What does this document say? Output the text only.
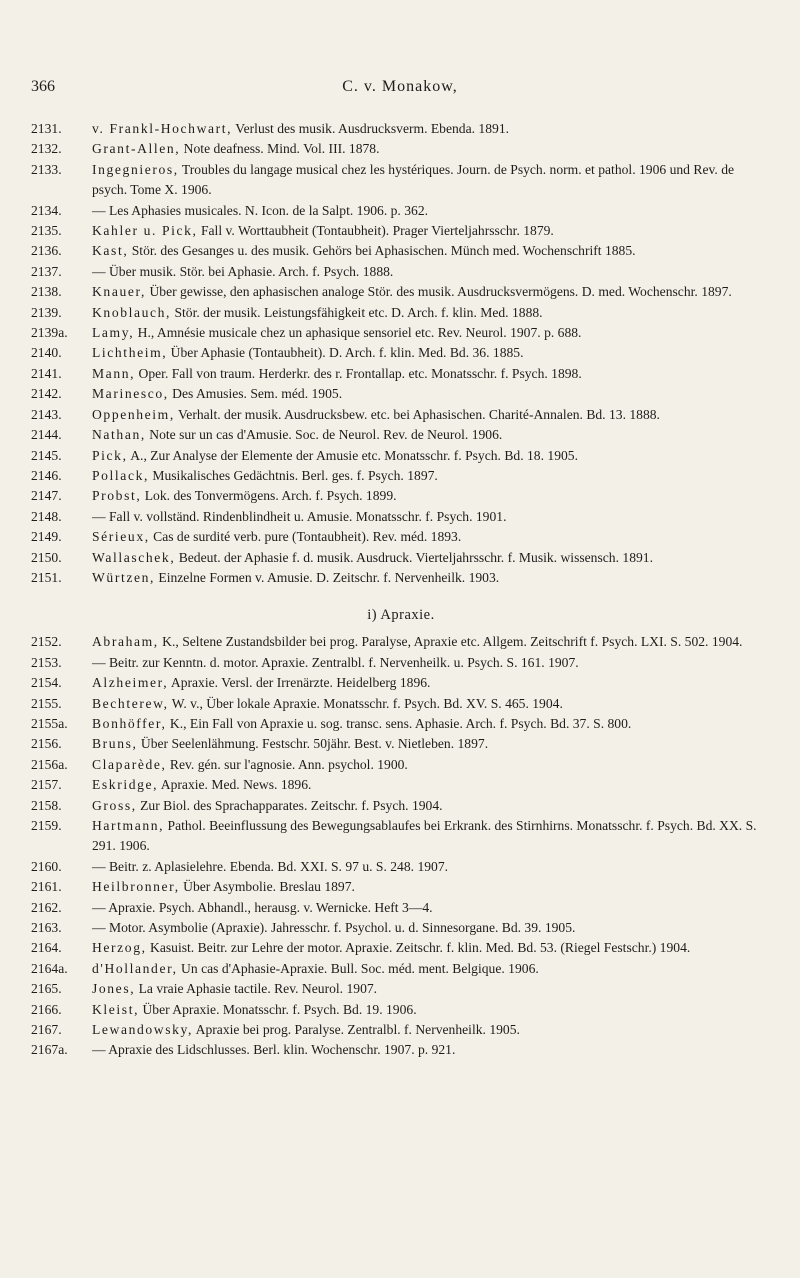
366	C. v. Monakow,
2131.	v. Frankl-Hochwart, Verlust des musik. Ausdrucksverm. Ebenda. 1891.
2132.	Grant-Allen, Note deafness. Mind. Vol. III. 1878.
2133.	Ingegnieros, Troubles du langage musical chez les hystériques. Journ. de Psych. norm. et pathol. 1906 und Rev. de psych. Tome X. 1906.
2134.	— Les Aphasies musicales. N. Icon. de la Salpt. 1906. p. 362.
2135.	Kahler u. Pick, Fall v. Worttaubheit (Tontaubheit). Prager Vierteljahrsschr. 1879.
2136.	Kast, Stör. des Gesanges u. des musik. Gehörs bei Aphasischen. Münch med. Wochenschrift 1885.
2137.	— Über musik. Stör. bei Aphasie. Arch. f. Psych. 1888.
2138.	Knauer, Über gewisse, den aphasischen analoge Stör. des musik. Ausdrucksvermögens. D. med. Wochenschr. 1897.
2139.	Knoblauch, Stör. der musik. Leistungsfähigkeit etc. D. Arch. f. klin. Med. 1888.
2139a.	Lamy, H., Amnésie musicale chez un aphasique sensoriel etc. Rev. Neurol. 1907. p. 688.
2140.	Lichtheim, Über Aphasie (Tontaubheit). D. Arch. f. klin. Med. Bd. 36. 1885.
2141.	Mann, Oper. Fall von traum. Herderkr. des r. Frontallap. etc. Monatsschr. f. Psych. 1898.
2142.	Marinesco, Des Amusies. Sem. méd. 1905.
2143.	Oppenheim, Verhalt. der musik. Ausdrucksbew. etc. bei Aphasischen. Charité-Annalen. Bd. 13. 1888.
2144.	Nathan, Note sur un cas d'Amusie. Soc. de Neurol. Rev. de Neurol. 1906.
2145.	Pick, A., Zur Analyse der Elemente der Amusie etc. Monatsschr. f. Psych. Bd. 18. 1905.
2146.	Pollack, Musikalisches Gedächtnis. Berl. ges. f. Psych. 1897.
2147.	Probst, Lok. des Tonvermögens. Arch. f. Psych. 1899.
2148.	— Fall v. vollständ. Rindenblindheit u. Amusie. Monatsschr. f. Psych. 1901.
2149.	Sérieux, Cas de surdité verb. pure (Tontaubheit). Rev. méd. 1893.
2150.	Wallaschek, Bedeut. der Aphasie f. d. musik. Ausdruck. Vierteljahrsschr. f. Musik. wissensch. 1891.
2151.	Würtzen, Einzelne Formen v. Amusie. D. Zeitschr. f. Nervenheilk. 1903.
i) Apraxie.
2152.	Abraham, K., Seltene Zustandsbilder bei prog. Paralyse, Apraxie etc. Allgem. Zeitschrift f. Psych. LXI. S. 502. 1904.
2153.	— Beitr. zur Kenntn. d. motor. Apraxie. Zentralbl. f. Nervenheilk. u. Psych. S. 161. 1907.
2154.	Alzheimer, Apraxie. Versl. der Irrenärzte. Heidelberg 1896.
2155.	Bechterew, W. v., Über lokale Apraxie. Monatsschr. f. Psych. Bd. XV. S. 465. 1904.
2155a.	Bonhöffer, K., Ein Fall von Apraxie u. sog. transc. sens. Aphasie. Arch. f. Psych. Bd. 37. S. 800.
2156.	Bruns, Über Seelenlähmung. Festschr. 50jähr. Best. v. Nietleben. 1897.
2156a.	Claparède, Rev. gén. sur l'agnosie. Ann. psychol. 1900.
2157.	Eskridge, Apraxie. Med. News. 1896.
2158.	Gross, Zur Biol. des Sprachapparates. Zeitschr. f. Psych. 1904.
2159.	Hartmann, Pathol. Beeinflussung des Bewegungsablaufes bei Erkrank. des Stirnhirns. Monatsschr. f. Psych. Bd. XX. S. 291. 1906.
2160.	— Beitr. z. Aplasielehre. Ebenda. Bd. XXI. S. 97 u. S. 248. 1907.
2161.	Heilbronner, Über Asymbolie. Breslau 1897.
2162.	— Apraxie. Psych. Abhandl., herausg. v. Wernicke. Heft 3—4.
2163.	— Motor. Asymbolie (Apraxie). Jahresschr. f. Psychol. u. d. Sinnesorgane. Bd. 39. 1905.
2164.	Herzog, Kasuist. Beitr. zur Lehre der motor. Apraxie. Zeitschr. f. klin. Med. Bd. 53. (Riegel Festschr.) 1904.
2164a.	d'Hollander, Un cas d'Aphasie-Apraxie. Bull. Soc. méd. ment. Belgique. 1906.
2165.	Jones, La vraie Aphasie tactile. Rev. Neurol. 1907.
2166.	Kleist, Über Apraxie. Monatsschr. f. Psych. Bd. 19. 1906.
2167.	Lewandowsky, Apraxie bei prog. Paralyse. Zentralbl. f. Nervenheilk. 1905.
2167a.	— Apraxie des Lidschlusses. Berl. klin. Wochenschr. 1907. p. 921.
